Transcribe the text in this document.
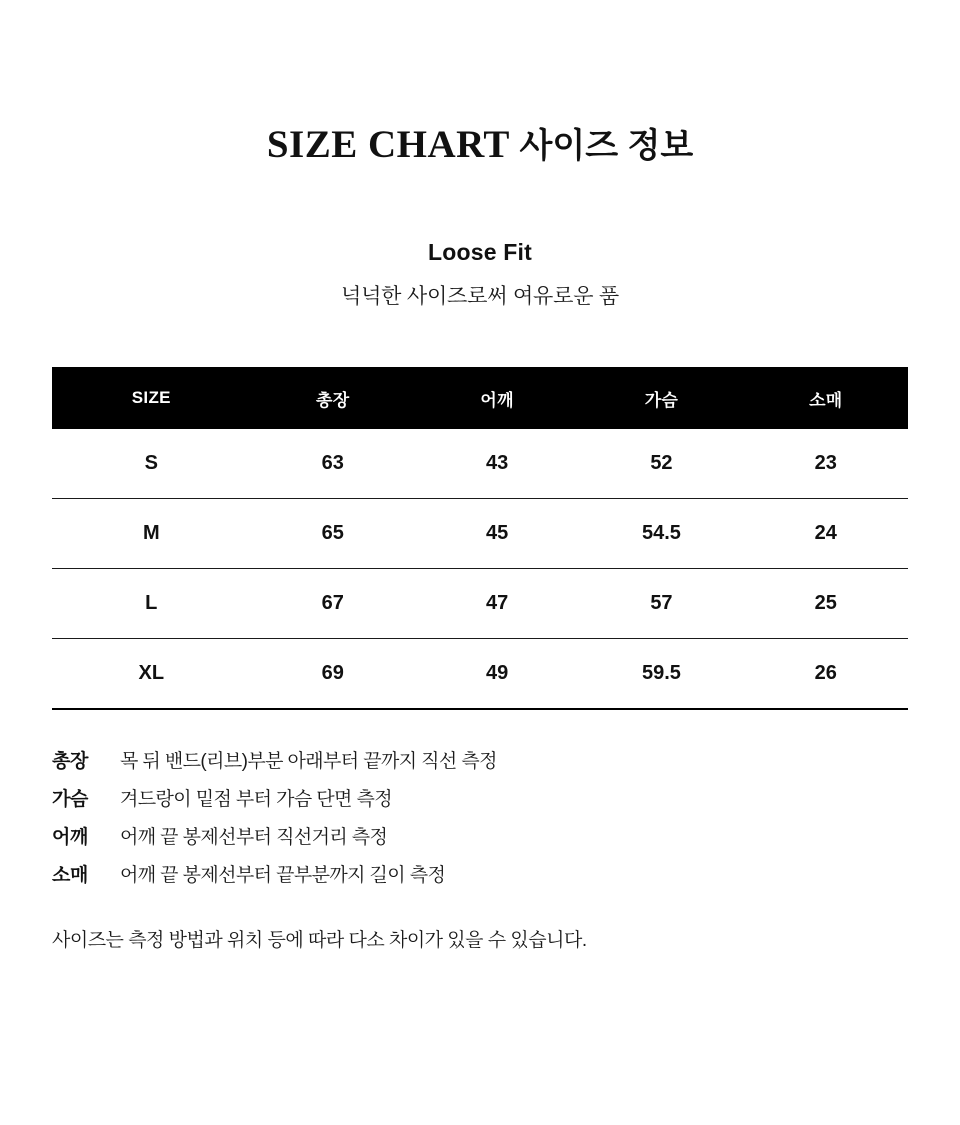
SIZE CHART 사이즈 정보
Loose Fit
넉넉한 사이즈로써 여유로운 품
SIZE	총장	어깨	가슴	소매
S	63	43	52	23
M	65	45	54.5	24
L	67	47	57	25
XL	69	49	59.5	26
총장	목 뒤 밴드(리브)부분 아래부터 끝까지 직선 측정
가슴	겨드랑이 밑점 부터 가슴 단면 측정
어깨	어깨 끝 봉제선부터 직선거리 측정
소매	어깨 끝 봉제선부터 끝부분까지 길이 측정
사이즈는 측정 방법과 위치 등에 따라 다소 차이가 있을 수 있습니다.
